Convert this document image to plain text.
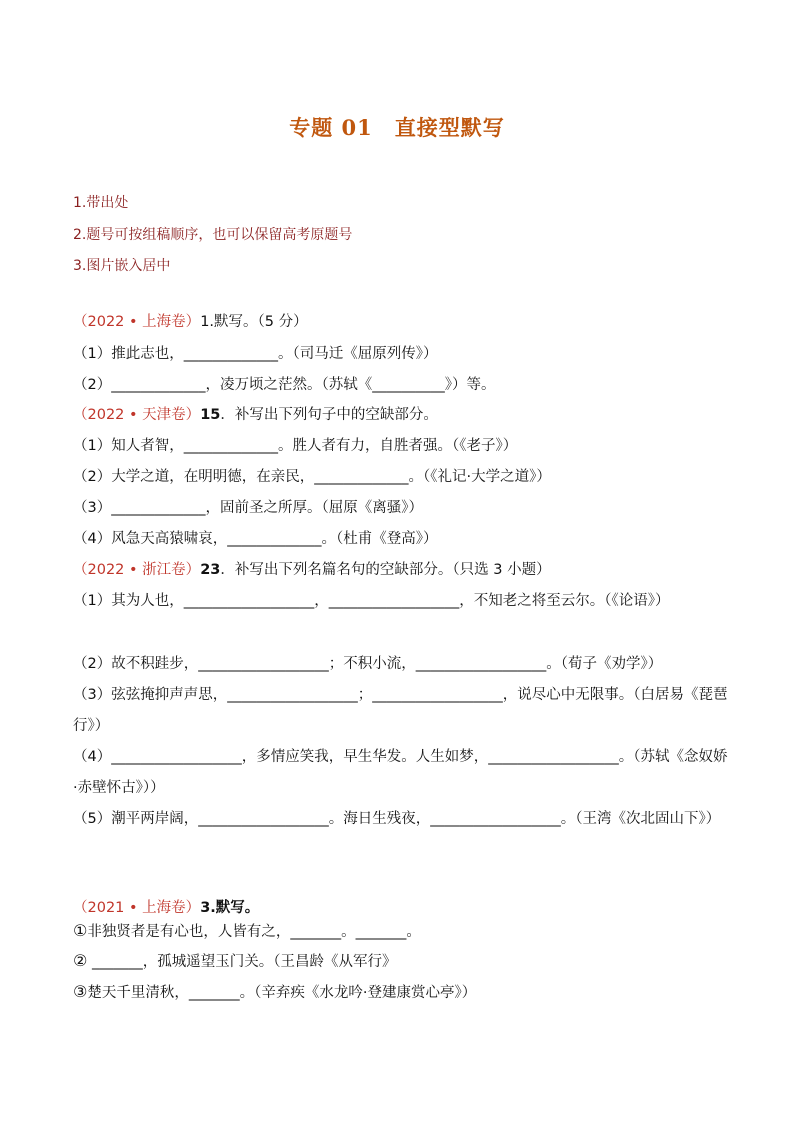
专题 01　直接型默写
1.带出处
2.题号可按组稿顺序，也可以保留高考原题号
3.图片嵌入居中
（2022 • 上海卷）1.默写。（5 分）
（1）推此志也，_____________。（司马迁《屈原列传》）
（2）_____________，凌万顷之茫然。（苏轼《__________》）等。
（2022 • 天津卷）15．补写出下列句子中的空缺部分。
（1）知人者智，_____________。胜人者有力，自胜者强。（《老子》）
（2）大学之道，在明明德，在亲民，_____________。（《礼记·大学之道》）
（3）_____________，固前圣之所厚。（屈原《离骚》）
（4）风急天高猿啸哀，_____________。（杜甫《登高》）
（2022 • 浙江卷）23．补写出下列名篇名句的空缺部分。（只选 3 小题）
（1）其为人也，__________________，__________________，不知老之将至云尔。（《论语》）
（2）故不积跬步，__________________；不积小流，__________________。（荀子《劝学》）
（3）弦弦掩抑声声思，__________________；__________________，说尽心中无限事。（白居易《琵琶行》）
（4）__________________，多情应笑我，早生华发。人生如梦，__________________。（苏轼《念奴娇·赤壁怀古》））
（5）潮平两岸阔，__________________。海日生残夜，__________________。（王湾《次北固山下》）
（2021 • 上海卷）3.默写。
①非独贤者是有心也，人皆有之，_______。_______。
② _______，孤城遥望玉门关。（王昌龄《从军行》
③楚天千里清秋，_______。（辛弃疾《水龙吟·登建康赏心亭》）
